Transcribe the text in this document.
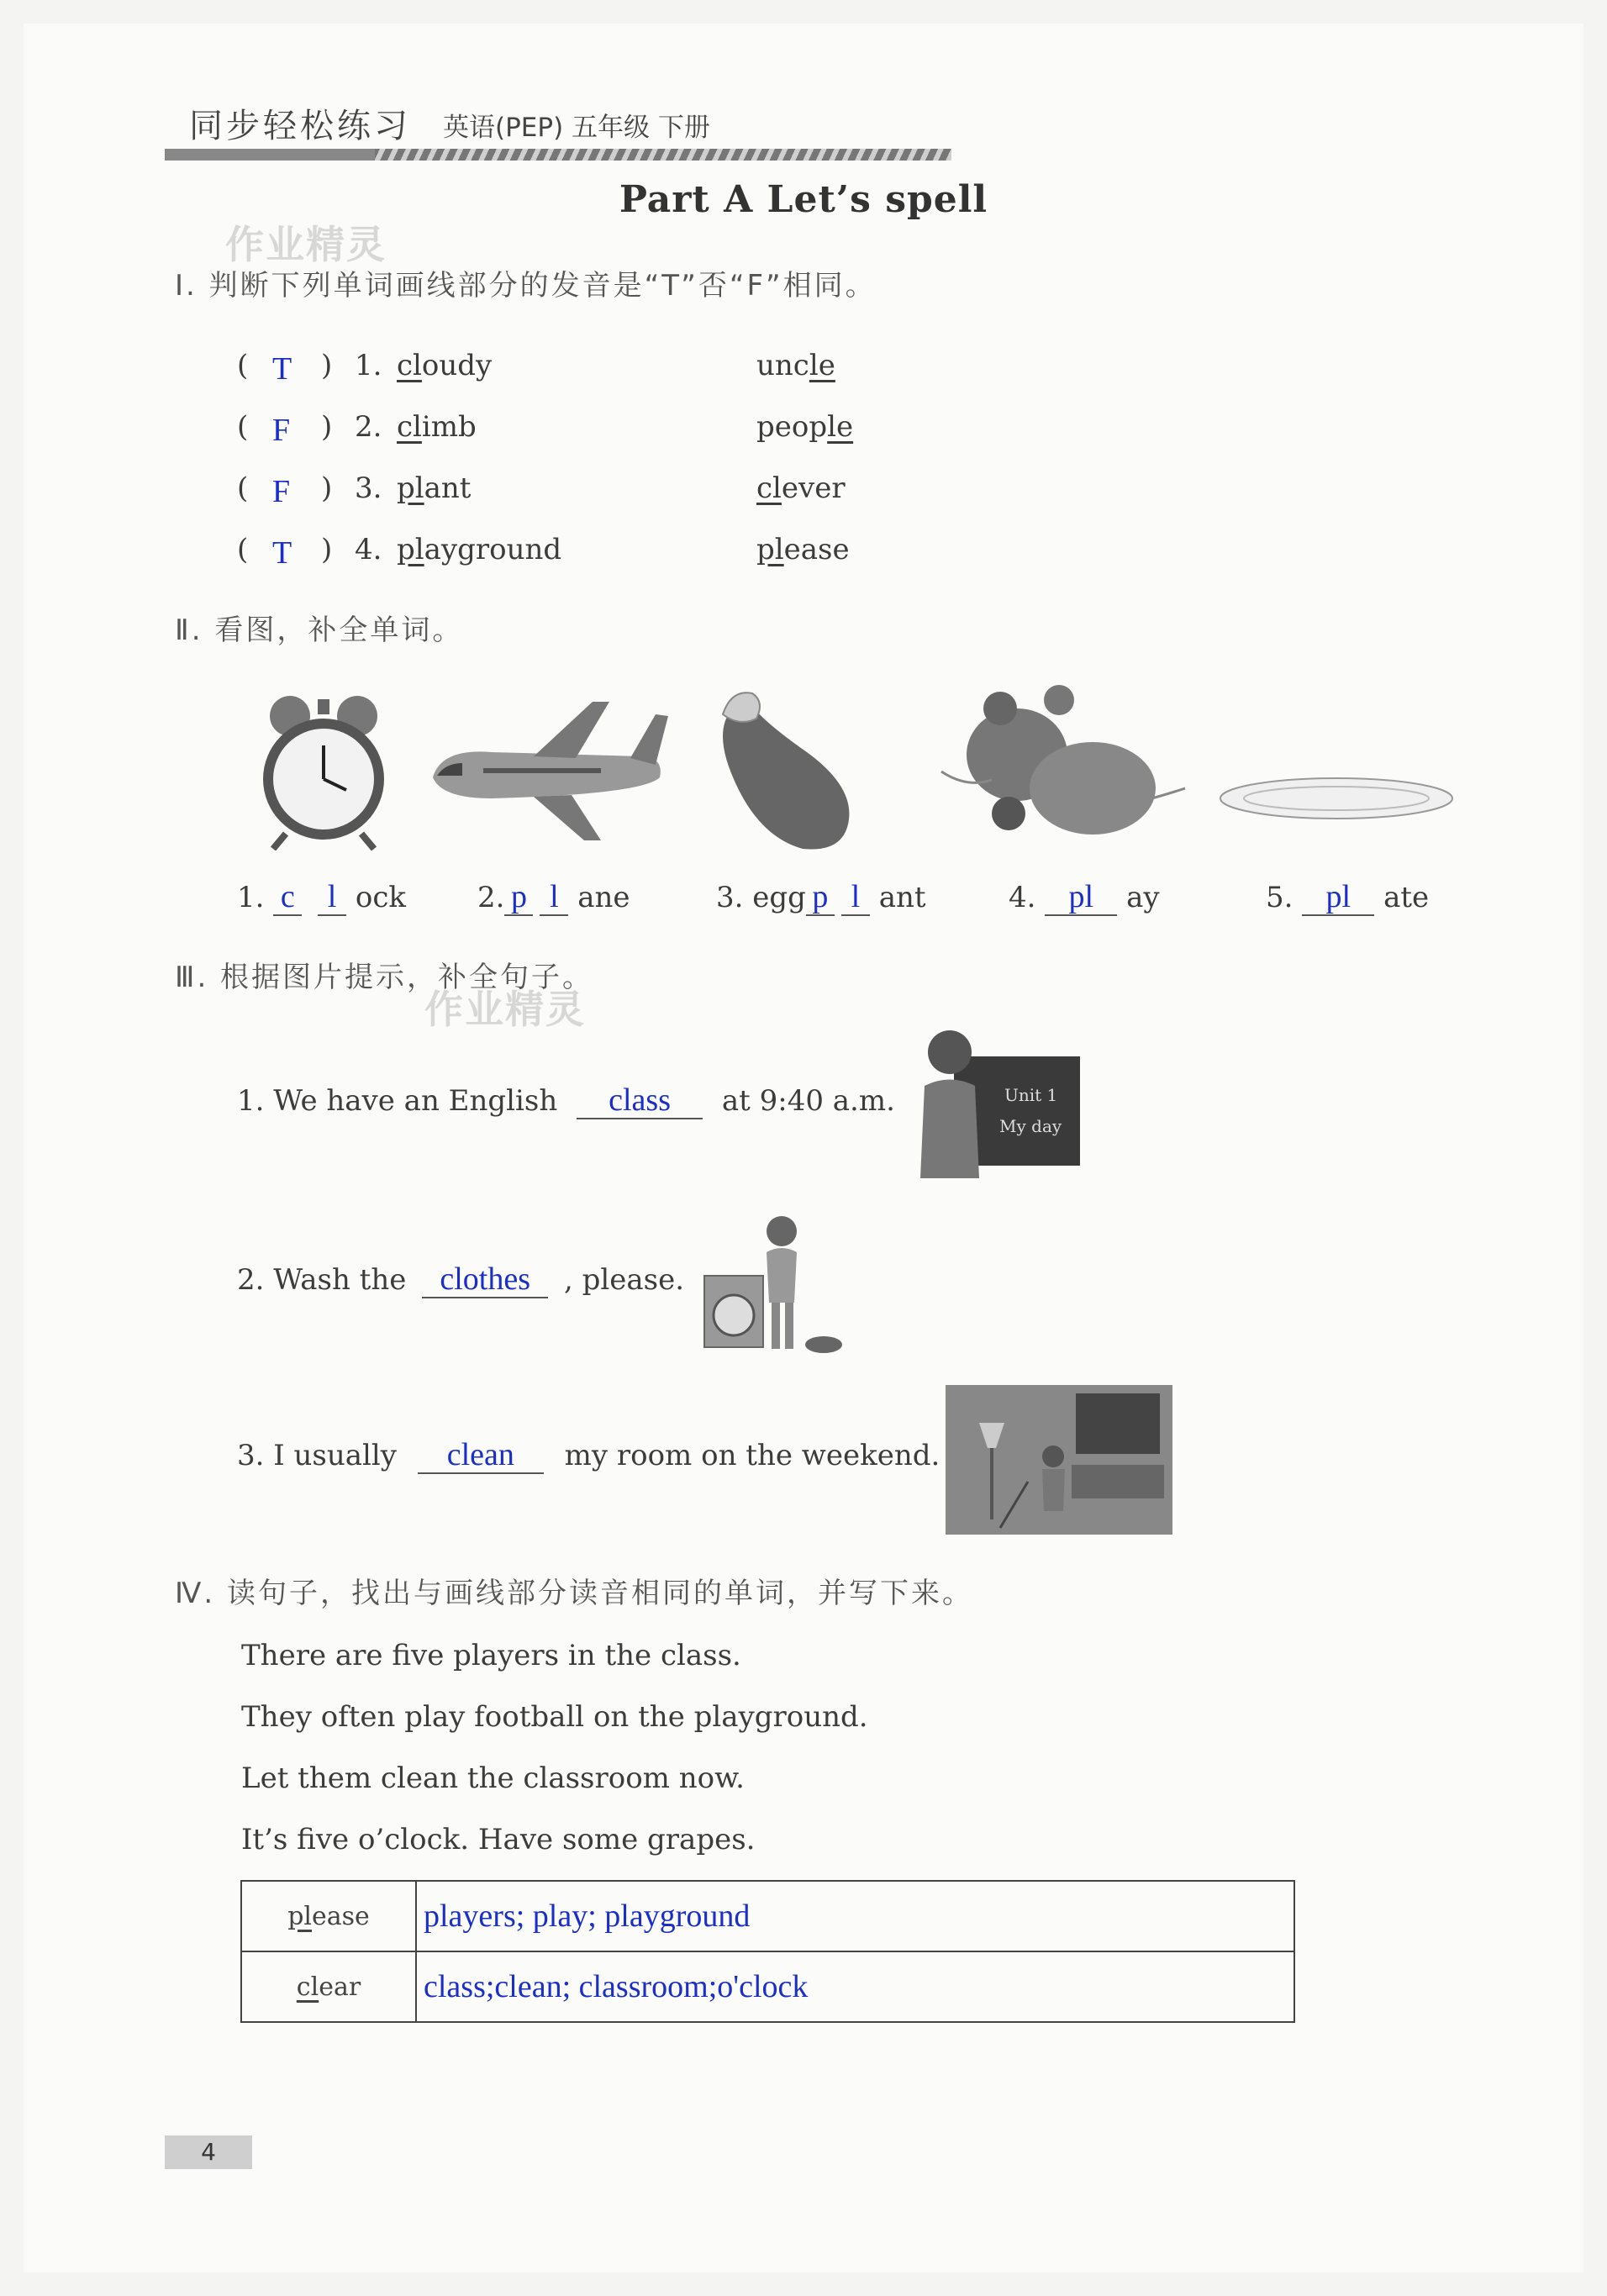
同步轻松练习 英语(PEP) 五年级 下册
Part A Let’s spell
作业精灵
作业精灵
Ⅰ. 判断下列单词画线部分的发音是“T”否“F”相同。
( T ) 1. cloudy	uncle
( F ) 2. climb	people
( F ) 3. plant	clever
( T ) 4. playground	please
Ⅱ. 看图，补全单词。
1. c l ock 2. p l ane	3. egg p l ant	4. pl ay	5. pl ate
Ⅲ. 根据图片提示，补全句子。
1. We have an English class at 9:40 a.m.	Unit 1
My day
2. Wash the clothes , please.
3. I usually clean my room on the weekend.
Ⅳ. 读句子，找出与画线部分读音相同的单词，并写下来。
There are five players in the class.
They often play football on the playground.
Let them clean the classroom now.
It’s five o’clock. Have some grapes.
please	players; play; playground
clear	class;clean; classroom;o'clock
4
